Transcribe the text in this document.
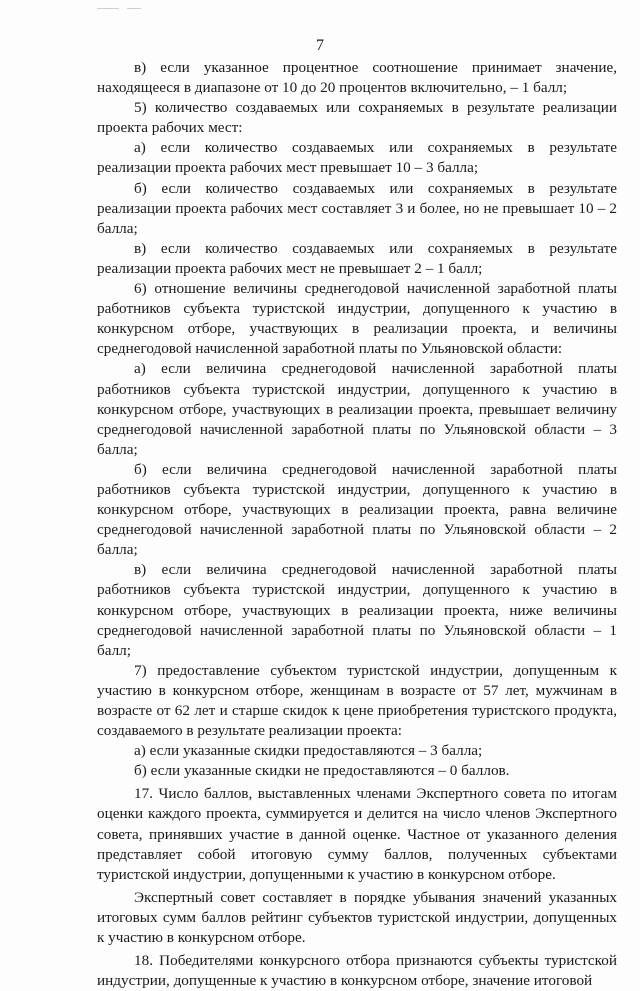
7

в) если указанное процентное соотношение принимает значение, находящееся в диапазоне от 10 до 20 процентов включительно, – 1 балл;

5) количество создаваемых или сохраняемых в результате реализации проекта рабочих мест:

а) если количество создаваемых или сохраняемых в результате реализации проекта рабочих мест превышает 10 – 3 балла;

б) если количество создаваемых или сохраняемых в результате реализации проекта рабочих мест составляет 3 и более, но не превышает 10 – 2 балла;

в) если количество создаваемых или сохраняемых в результате реализации проекта рабочих мест не превышает 2 – 1 балл;

6) отношение величины среднегодовой начисленной заработной платы работников субъекта туристской индустрии, допущенного к участию в конкурсном отборе, участвующих в реализации проекта, и величины среднегодовой начисленной заработной платы по Ульяновской области:

а) если величина среднегодовой начисленной заработной платы работников субъекта туристской индустрии, допущенного к участию в конкурсном отборе, участвующих в реализации проекта, превышает величину среднегодовой начисленной заработной платы по Ульяновской области – 3 балла;

б) если величина среднегодовой начисленной заработной платы работников субъекта туристской индустрии, допущенного к участию в конкурсном отборе, участвующих в реализации проекта, равна величине среднегодовой начисленной заработной платы по Ульяновской области – 2 балла;

в) если величина среднегодовой начисленной заработной платы работников субъекта туристской индустрии, допущенного к участию в конкурсном отборе, участвующих в реализации проекта, ниже величины среднегодовой начисленной заработной платы по Ульяновской области – 1 балл;

7) предоставление субъектом туристской индустрии, допущенным к участию в конкурсном отборе, женщинам в возрасте от 57 лет, мужчинам в возрасте от 62 лет и старше скидок к цене приобретения туристского продукта, создаваемого в результате реализации проекта:

а) если указанные скидки предоставляются – 3 балла;

б) если указанные скидки не предоставляются – 0 баллов.

17. Число баллов, выставленных членами Экспертного совета по итогам оценки каждого проекта, суммируется и делится на число членов Экспертного совета, принявших участие в данной оценке. Частное от указанного деления представляет собой итоговую сумму баллов, полученных субъектами туристской индустрии, допущенными к участию в конкурсном отборе.

Экспертный совет составляет в порядке убывания значений указанных итоговых сумм баллов рейтинг субъектов туристской индустрии, допущенных к участию в конкурсном отборе.

18. Победителями конкурсного отбора признаются субъекты туристской индустрии, допущенные к участию в конкурсном отборе, значение итоговой
